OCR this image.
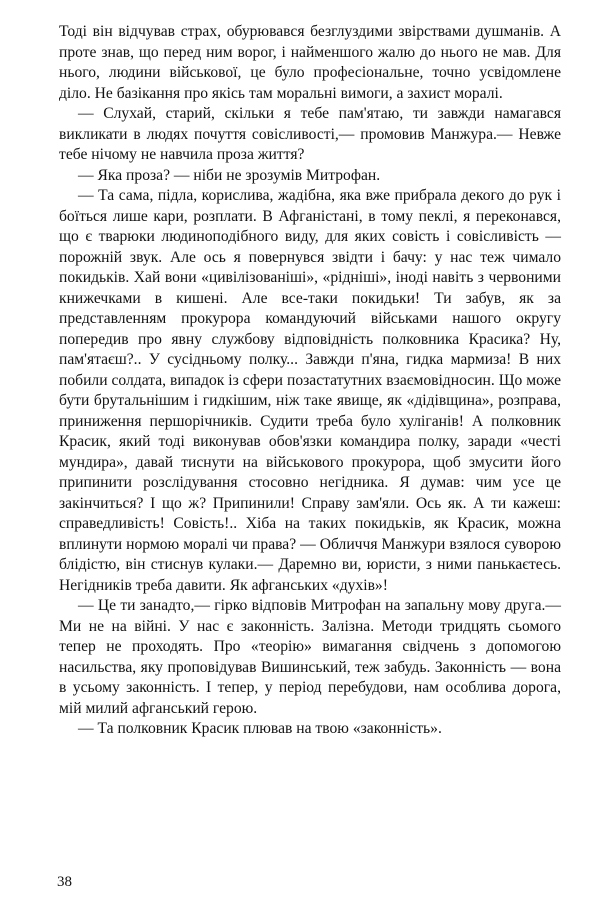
Тоді він відчував страх, обурювався безглуздими звірствами душманів. А проте знав, що перед ним ворог, і найменшого жалю до нього не мав. Для нього, людини військової, це було професіональне, точно усвідомлене діло. Не базікання про якісь там моральні вимоги, а захист моралі.

— Слухай, старий, скільки я тебе пам'ятаю, ти завжди намагався викликати в людях почуття совісливості,— промовив Манжура.— Невже тебе нічому не навчила проза життя?

— Яка проза? — ніби не зрозумів Митрофан.

— Та сама, підла, корислива, жадібна, яка вже прибрала декого до рук і боїться лише кари, розплати. В Афганістані, в тому пеклі, я переконався, що є тварюки людиноподібного виду, для яких совість і совісливість — порожній звук. Але ось я повернувся звідти і бачу: у нас теж чимало покидьків. Хай вони «цивілізованіші», «рідніші», іноді навіть з червоними книжечками в кишені. Але все-таки покидьки! Ти забув, як за представленням прокурора командуючий військами нашого округу попередив про явну службову відповідність полковника Красика? Ну, пам'ятаєш?.. У сусідньому полку... Завжди п'яна, гидка мармиза! В них побили солдата, випадок із сфери позастатутних взаємовідносин. Що може бути брутальнішим і гидкішим, ніж таке явище, як «дідівщина», розправа, приниження першорічників. Судити треба було хуліганів! А полковник Красик, який тоді виконував обов'язки командира полку, заради «честі мундира», давай тиснути на військового прокурора, щоб змусити його припинити розслідування стосовно негідника. Я думав: чим усе це закінчиться? І що ж? Припинили! Справу зам'яли. Ось як. А ти кажеш: справедливість! Совість!.. Хіба на таких покидьків, як Красик, можна вплинути нормою моралі чи права? — Обличчя Манжури взялося суворою блідістю, він стиснув кулаки.— Даремно ви, юристи, з ними панькаєтесь. Негідників треба давити. Як афганських «духів»!

— Це ти занадто,— гірко відповів Митрофан на запальну мову друга.— Ми не на війні. У нас є законність. Залізна. Методи тридцять сьомого тепер не проходять. Про «теорію» вимагання свідчень з допомогою насильства, яку проповідував Вишинський, теж забудь. Законність — вона в усьому законність. І тепер, у період перебудови, нам особлива дорога, мій милий афганський герою.

— Та полковник Красик плював на твою «законність».

38
